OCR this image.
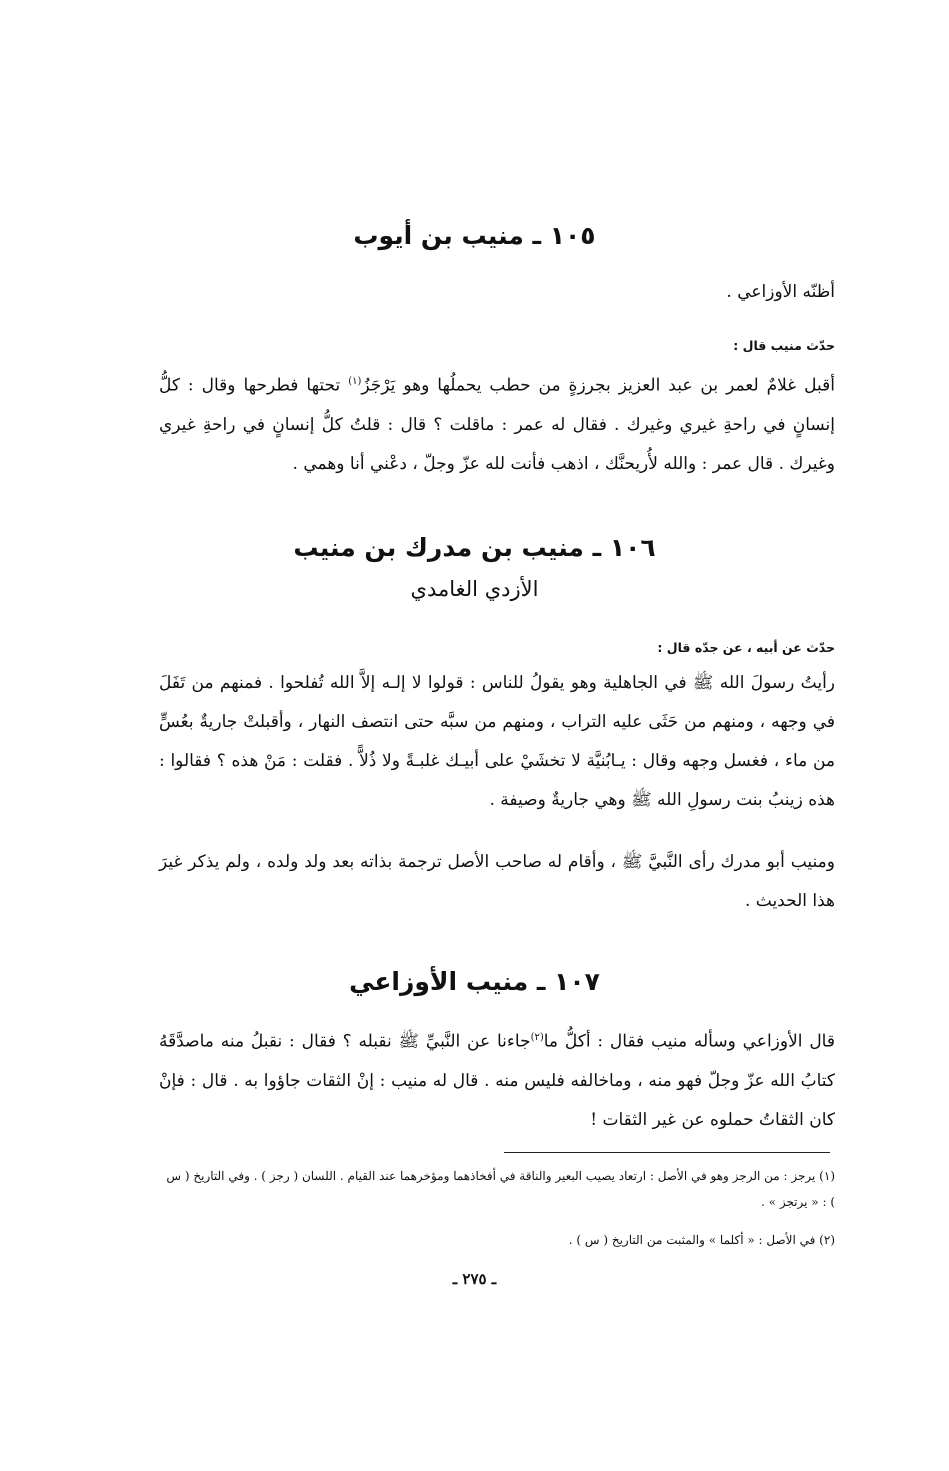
١٠٥ ـ منيب بن أيوب
أظنّه الأوزاعي .
حدّث منيب قال :
أقبل غلامٌ لعمر بن عبد العزيز بجرزةٍ من حطب يحملُها وهو يَرْجَزُ$^{(١)}$ تحتها فطرحها وقال : كلُّ إنسانٍ في راحةِ غيري وغيرك . فقال له عمر : ماقلت ؟ قال : قلتُ كلُّ إنسانٍ في راحةِ غيري وغيرك . قال عمر : والله لأُريحنَّك ، اذهب فأنت لله عزّ وجلّ ، دعْني أنا وهمي .
١٠٦ ـ منيب بن مدرك بن منيب
الأزدي الغامدي
حدّث عن أبيه ، عن جدّه قال :
رأيتُ رسولَ الله ﷺ في الجاهلية وهو يقولُ للناس : قولوا لا إلـه إلاَّ الله تُفلحوا . فمنهم من تَفَلَ في وجهه ، ومنهم من حَثَى عليه التراب ، ومنهم من سبَّه حتى انتصف النهار ، وأقبلتْ جاريةٌ بعُسٍّ من ماء ، فغسل وجهه وقال : يـابُنيَّة لا تخشَيْ على أبيـك غلبـةً ولا ذُلاًّ . فقلت : مَنْ هذه ؟ فقالوا : هذه زينبُ بنت رسولِ الله ﷺ وهي جاريةٌ وصيفة .
ومنيب أبو مدرك رأى النَّبيَّ ﷺ ، وأقام له صاحب الأصل ترجمة بذاته بعد ولد ولده ، ولم يذكر غيرَ هذا الحديث .
١٠٧ ـ منيب الأوزاعي
قال الأوزاعي وسأله منيب فقال : أكلُّ ما$^{(٢)}$جاءنا عن النَّبيِّ ﷺ نقبله ؟ فقال : نقبلُ منه ماصدَّقَهُ كتابُ الله عزّ وجلّ فهو منه ، وماخالفه فليس منه . قال له منيب : إنْ الثقات جاؤوا به . قال : فإنْ كان الثقاتُ حملوه عن غير الثقات !
(١) يرجز : من الرجز وهو في الأصل : ارتعاد يصيب البعير والناقة في أفخاذهما ومؤخرهما عند القيام . اللسان ( رجز ) . وفي التاريخ ( س ) : « يرتجز » .
(٢) في الأصل : « أكلما » والمثبت من التاريخ ( س ) .
ـ ٢٧٥ ـ
